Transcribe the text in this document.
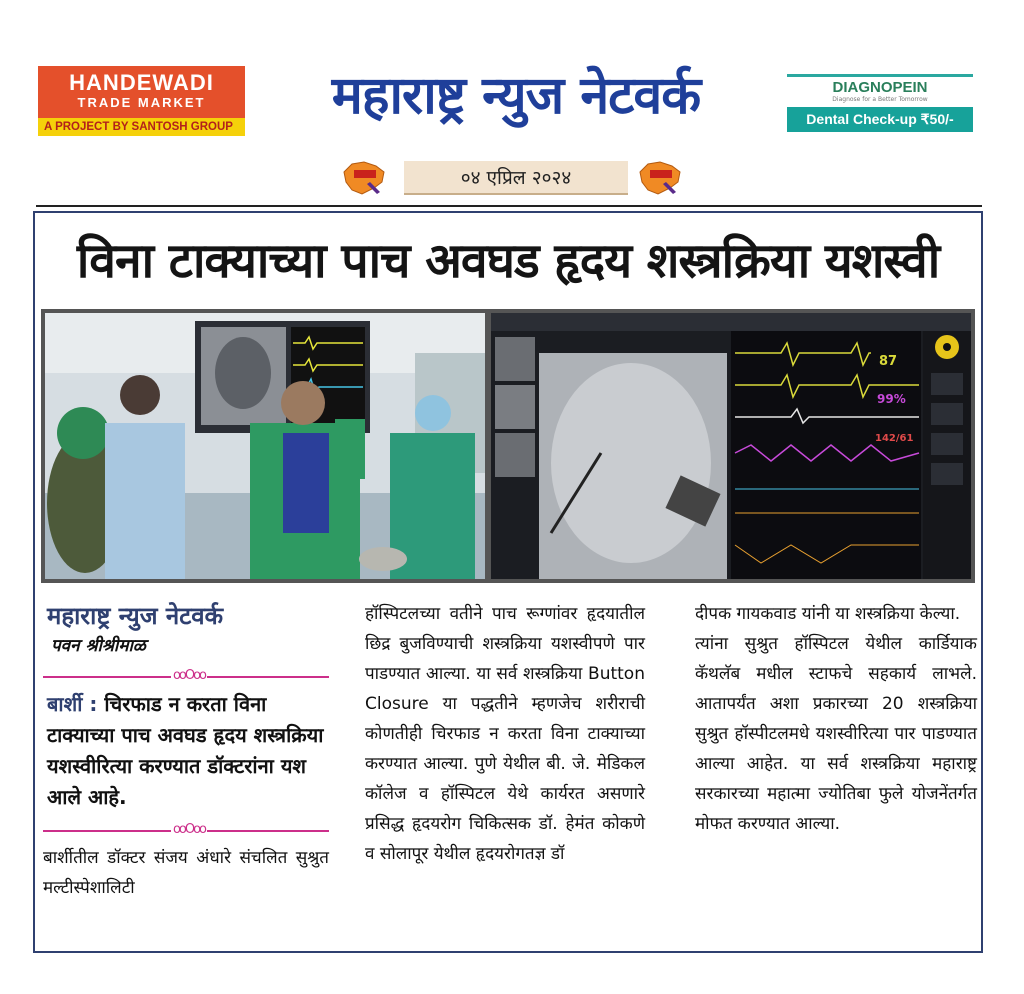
HANDEWADI
TRADE MARKET
A PROJECT BY SANTOSH GROUP
महाराष्ट्र न्युज नेटवर्क	DIAGNOPEIN
Diagnose for a Better Tomorrow
Dental Check-up ₹50/-
०४ एप्रिल २०२४
विना टाक्याच्या पाच अवघड हृदय शस्त्रक्रिया यशस्वी
87
99%
142/61
महाराष्ट्र न्युज नेटवर्क
पवन श्रीश्रीमाळ
ooOoo
बार्शी : चिरफाड न करता विना टाक्याच्या पाच अवघड हृदय शस्त्रक्रिया यशस्वीरित्या करण्यात डॉक्टरांना यश आले आहे.
ooOoo

बार्शीतील डॉक्टर संजय अंधारे संचलित सुश्रुत मल्टीस्पेशालिटी

हॉस्पिटलच्या वतीने पाच रूग्णांवर हृदयातील छिद्र बुजविण्याची शस्त्रक्रिया यशस्वीपणे पार पाडण्यात आल्या. या सर्व शस्त्रक्रिया Button Closure या पद्धतीने म्हणजेच शरीराची कोणतीही चिरफाड न करता विना टाक्याच्या करण्यात आल्या. पुणे येथील बी. जे. मेडिकल कॉलेज व हॉस्पिटल येथे कार्यरत असणारे प्रसिद्ध हृदयरोग चिकित्सक डॉ. हेमंत कोकणे व सोलापूर येथील हृदयरोगतज्ञ डॉ

दीपक गायकवाड यांनी या शस्त्रक्रिया केल्या.

त्यांना सुश्रुत हॉस्पिटल येथील कार्डियाक कॅथलॅब मधील स्टाफचे सहकार्य लाभले. आतापर्यंत अशा प्रकारच्या 20 शस्त्रक्रिया सुश्रुत हॉस्पीटलमधे यशस्वीरित्या पार पाडण्यात आल्या आहेत. या सर्व शस्त्रक्रिया महाराष्ट्र सरकारच्या महात्मा ज्योतिबा फुले योजनेंतर्गत मोफत करण्यात आल्या.
